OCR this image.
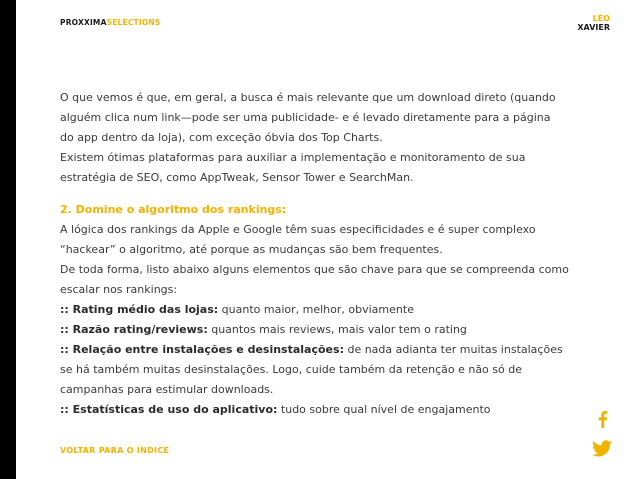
PROXXIMASELECTIONS	LÉO
XAVIER

O que vemos é que, em geral, a busca é mais relevante que um download direto (quando

alguém clica num link—pode ser uma publicidade- e é levado diretamente para a página

do app dentro da loja), com exceção óbvia dos Top Charts.

Existem ótimas plataformas para auxiliar a implementação e monitoramento de sua

estratégia de SEO, como AppTweak, Sensor Tower e SearchMan.

2. Domine o algoritmo dos rankings:

A lógica dos rankings da Apple e Google têm suas especificidades e é super complexo

“hackear” o algoritmo, até porque as mudanças são bem frequentes.

De toda forma, listo abaixo alguns elementos que são chave para que se compreenda como

escalar nos rankings:

:: Rating médio das lojas: quanto maior, melhor, obviamente

:: Razão rating/reviews: quantos mais reviews, mais valor tem o rating

:: Relação entre instalações e desinstalações: de nada adianta ter muitas instalações

se há também muitas desinstalações. Logo, cuide também da retenção e não só de

campanhas para estimular downloads.

:: Estatísticas de uso do aplicativo: tudo sobre qual nível de engajamento

VOLTAR PARA O ÍNDICE
